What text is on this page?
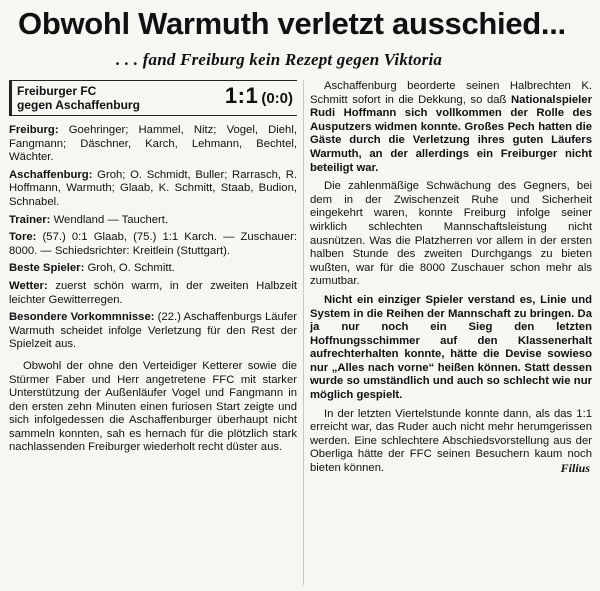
Obwohl Warmuth verletzt ausschied...
. . . fand Freiburg kein Rezept gegen Viktoria
Freiburger FC
gegen Aschaffenburg	1:1 (0:0)
Freiburg: Goehringer; Hammel, Nitz; Vogel, Diehl, Fangmann; Däschner, Karch, Lehmann, Bechtel, Wächter.
Aschaffenburg: Groh; O. Schmidt, Buller; Rarrasch, R. Hoffmann, Warmuth; Glaab, K. Schmitt, Staab, Budion, Schnabel.
Trainer: Wendland — Tauchert.
Tore: (57.) 0:1 Glaab, (75.) 1:1 Karch. — Zuschauer: 8000. — Schiedsrichter: Kreitlein (Stuttgart).
Beste Spieler: Groh, O. Schmitt.
Wetter: zuerst schön warm, in der zweiten Halbzeit leichter Gewitterregen.
Besondere Vorkommnisse: (22.) Aschaffenburgs Läufer Warmuth scheidet infolge Verletzung für den Rest der Spielzeit aus.

Obwohl der ohne den Verteidiger Ketterer sowie die Stürmer Faber und Herr angetretene FFC mit starker Unterstützung der Außenläufer Vogel und Fangmann in den ersten zehn Minuten einen furiosen Start zeigte und sich infolgedessen die Aschaffenburger überhaupt nicht sammeln konnten, sah es hernach für die plötzlich stark nachlassenden Freiburger wiederholt recht düster aus.

Aschaffenburg beorderte seinen Halbrechten K. Schmitt sofort in die Dekkung, so daß Nationalspieler Rudi Hoffmann sich vollkommen der Rolle des Ausputzers widmen konnte. Großes Pech hatten die Gäste durch die Verletzung ihres guten Läufers Warmuth, an der allerdings ein Freiburger nicht beteiligt war.

Die zahlenmäßige Schwächung des Gegners, bei dem in der Zwischenzeit Ruhe und Sicherheit eingekehrt waren, konnte Freiburg infolge seiner wirklich schlechten Mannschaftsleistung nicht ausnützen. Was die Platzherren vor allem in der ersten halben Stunde des zweiten Durchgangs zu bieten wußten, war für die 8000 Zuschauer schon mehr als zumutbar.

Nicht ein einziger Spieler verstand es, Linie und System in die Reihen der Mannschaft zu bringen. Da ja nur noch ein Sieg den letzten Hoffnungsschimmer auf den Klassenerhalt aufrechterhalten konnte, hätte die Devise sowieso nur „Alles nach vorne“ heißen können. Statt dessen wurde so umständlich und auch so schlecht wie nur möglich gespielt.

In der letzten Viertelstunde konnte dann, als das 1:1 erreicht war, das Ruder auch nicht mehr herumgerissen werden. Eine schlechtere Abschiedsvorstellung aus der Oberliga hätte der FFC seinen Besuchern kaum noch bieten können.	Filius
